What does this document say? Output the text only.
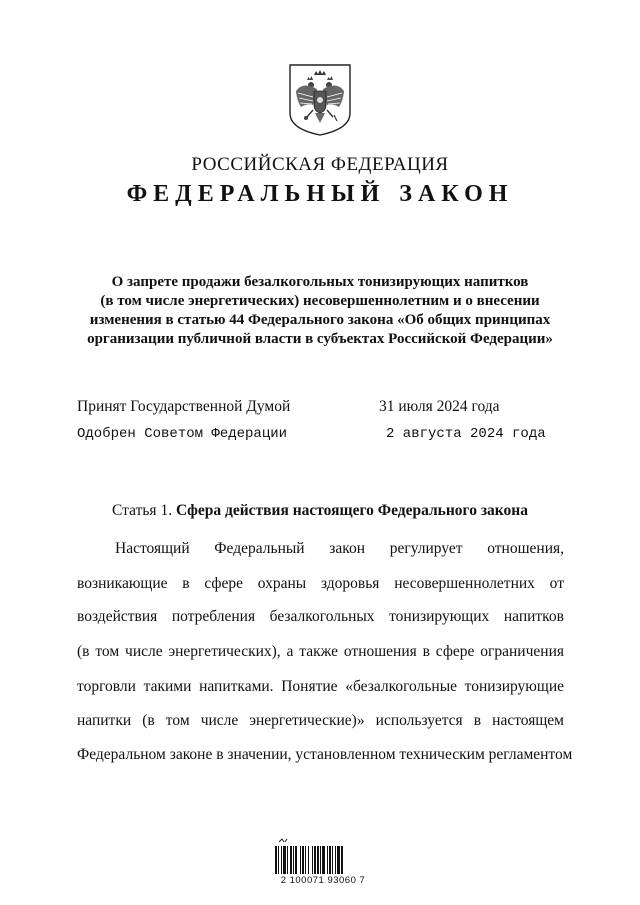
РОССИЙСКАЯ ФЕДЕРАЦИЯ
ФЕДЕРАЛЬНЫЙ ЗАКОН
О запрете продажи безалкогольных тонизирующих напитков
(в том числе энергетических) несовершеннолетним и о внесении
изменения в статью 44 Федерального закона «Об общих принципах
организации публичной власти в субъектах Российской Федерации»
Принят Государственной Думой	31 июля 2024 года
Одобрен Советом Федерации	2 августа 2024 года
Статья 1. Сфера действия настоящего Федерального закона
Настоящий Федеральный закон регулирует отношения,
возникающие в сфере охраны здоровья несовершеннолетних от
воздействия потребления безалкогольных тонизирующих напитков
(в том числе энергетических), а также отношения в сфере ограничения
торговли такими напитками. Понятие «безалкогольные тонизирующие
напитки (в том числе энергетические)» используется в настоящем
Федеральном законе в значении, установленном техническим регламентом
2 100071 93060 7
